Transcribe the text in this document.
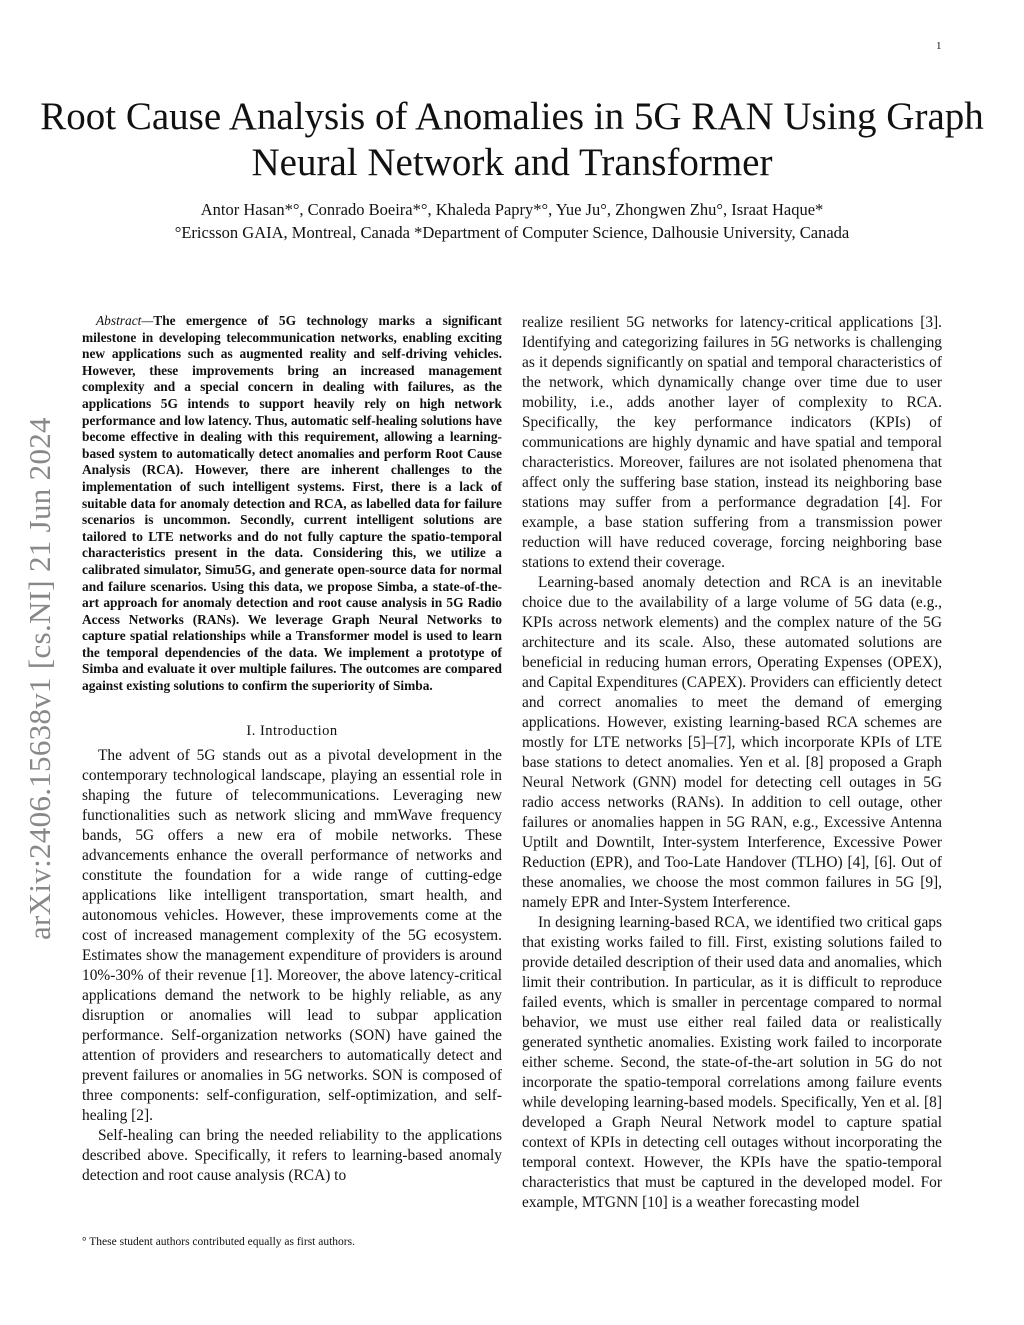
1
arXiv:2406.15638v1 [cs.NI] 21 Jun 2024
Root Cause Analysis of Anomalies in 5G RAN Using Graph Neural Network and Transformer
Antor Hasan*°, Conrado Boeira*°, Khaleda Papry*°, Yue Ju°, Zhongwen Zhu°, Israat Haque*
°Ericsson GAIA, Montreal, Canada *Department of Computer Science, Dalhousie University, Canada

Abstract—The emergence of 5G technology marks a significant milestone in developing telecommunication networks, enabling exciting new applications such as augmented reality and self-driving vehicles. However, these improvements bring an increased management complexity and a special concern in dealing with failures, as the applications 5G intends to support heavily rely on high network performance and low latency. Thus, automatic self-healing solutions have become effective in dealing with this requirement, allowing a learning-based system to automatically detect anomalies and perform Root Cause Analysis (RCA). However, there are inherent challenges to the implementation of such intelligent systems. First, there is a lack of suitable data for anomaly detection and RCA, as labelled data for failure scenarios is uncommon. Secondly, current intelligent solutions are tailored to LTE networks and do not fully capture the spatio-temporal characteristics present in the data. Considering this, we utilize a calibrated simulator, Simu5G, and generate open-source data for normal and failure scenarios. Using this data, we propose Simba, a state-of-the-art approach for anomaly detection and root cause analysis in 5G Radio Access Networks (RANs). We leverage Graph Neural Networks to capture spatial relationships while a Transformer model is used to learn the temporal dependencies of the data. We implement a prototype of Simba and evaluate it over multiple failures. The outcomes are compared against existing solutions to confirm the superiority of Simba.

I. Introduction

The advent of 5G stands out as a pivotal development in the contemporary technological landscape, playing an essential role in shaping the future of telecommunications. Leveraging new functionalities such as network slicing and mmWave frequency bands, 5G offers a new era of mobile networks. These advancements enhance the overall performance of networks and constitute the foundation for a wide range of cutting-edge applications like intelligent transportation, smart health, and autonomous vehicles. However, these improvements come at the cost of increased management complexity of the 5G ecosystem. Estimates show the management expenditure of providers is around 10%-30% of their revenue [1]. Moreover, the above latency-critical applications demand the network to be highly reliable, as any disruption or anomalies will lead to subpar application performance. Self-organization networks (SON) have gained the attention of providers and researchers to automatically detect and prevent failures or anomalies in 5G networks. SON is composed of three components: self-configuration, self-optimization, and self-healing [2].

Self-healing can bring the needed reliability to the applications described above. Specifically, it refers to learning-based anomaly detection and root cause analysis (RCA) to

° These student authors contributed equally as first authors.

realize resilient 5G networks for latency-critical applications [3]. Identifying and categorizing failures in 5G networks is challenging as it depends significantly on spatial and temporal characteristics of the network, which dynamically change over time due to user mobility, i.e., adds another layer of complexity to RCA. Specifically, the key performance indicators (KPIs) of communications are highly dynamic and have spatial and temporal characteristics. Moreover, failures are not isolated phenomena that affect only the suffering base station, instead its neighboring base stations may suffer from a performance degradation [4]. For example, a base station suffering from a transmission power reduction will have reduced coverage, forcing neighboring base stations to extend their coverage.

Learning-based anomaly detection and RCA is an inevitable choice due to the availability of a large volume of 5G data (e.g., KPIs across network elements) and the complex nature of the 5G architecture and its scale. Also, these automated solutions are beneficial in reducing human errors, Operating Expenses (OPEX), and Capital Expenditures (CAPEX). Providers can efficiently detect and correct anomalies to meet the demand of emerging applications. However, existing learning-based RCA schemes are mostly for LTE networks [5]–[7], which incorporate KPIs of LTE base stations to detect anomalies. Yen et al. [8] proposed a Graph Neural Network (GNN) model for detecting cell outages in 5G radio access networks (RANs). In addition to cell outage, other failures or anomalies happen in 5G RAN, e.g., Excessive Antenna Uptilt and Downtilt, Inter-system Interference, Excessive Power Reduction (EPR), and Too-Late Handover (TLHO) [4], [6]. Out of these anomalies, we choose the most common failures in 5G [9], namely EPR and Inter-System Interference.

In designing learning-based RCA, we identified two critical gaps that existing works failed to fill. First, existing solutions failed to provide detailed description of their used data and anomalies, which limit their contribution. In particular, as it is difficult to reproduce failed events, which is smaller in percentage compared to normal behavior, we must use either real failed data or realistically generated synthetic anomalies. Existing work failed to incorporate either scheme. Second, the state-of-the-art solution in 5G do not incorporate the spatio-temporal correlations among failure events while developing learning-based models. Specifically, Yen et al. [8] developed a Graph Neural Network model to capture spatial context of KPIs in detecting cell outages without incorporating the temporal context. However, the KPIs have the spatio-temporal characteristics that must be captured in the developed model. For example, MTGNN [10] is a weather forecasting model
